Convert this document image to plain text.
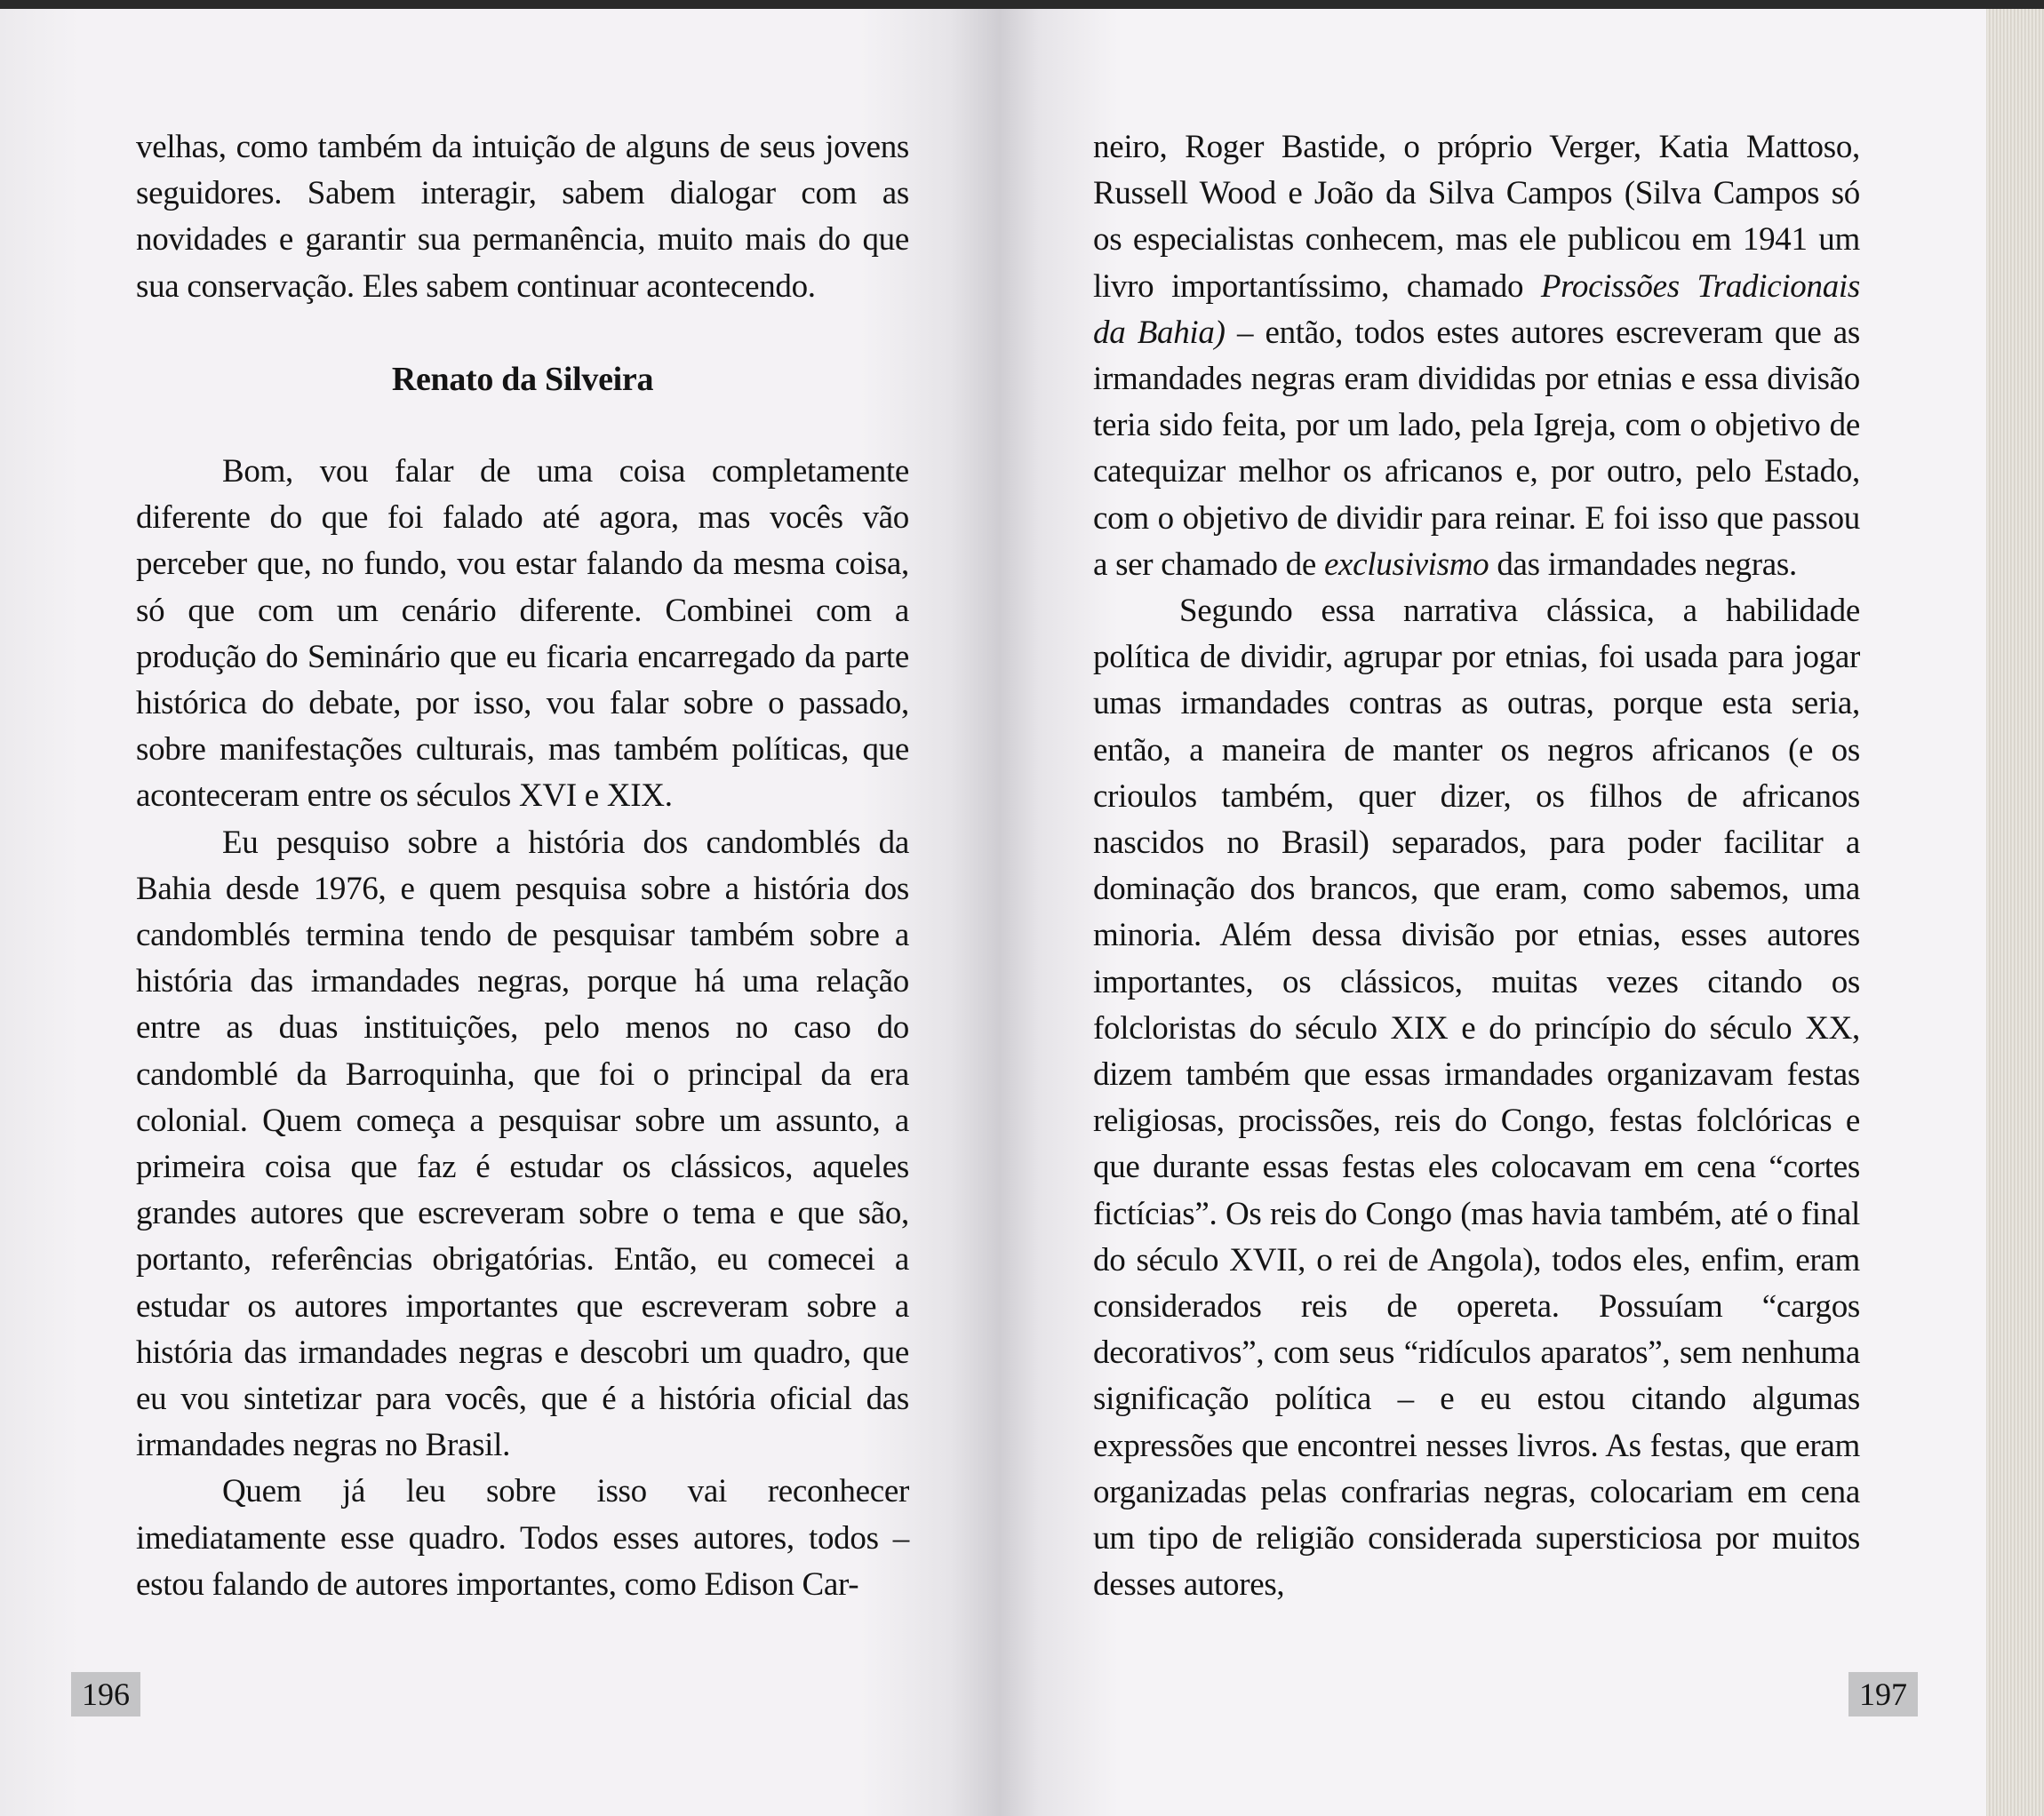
velhas, como também da intuição de alguns de seus jovens seguidores. Sabem interagir, sabem dialogar com as novidades e garantir sua permanência, muito mais do que sua conservação. Eles sabem continuar acontecendo.

Renato da Silveira

Bom, vou falar de uma coisa completamente diferente do que foi falado até agora, mas vocês vão perceber que, no fundo, vou estar falando da mesma coisa, só que com um cenário diferente. Combinei com a produção do Seminário que eu ficaria encarregado da parte histórica do debate, por isso, vou falar sobre o passado, sobre manifestações culturais, mas também políticas, que aconteceram entre os séculos XVI e XIX.

Eu pesquiso sobre a história dos candomblés da Bahia desde 1976, e quem pesquisa sobre a história dos candomblés termina tendo de pesquisar também sobre a história das irmandades negras, porque há uma relação entre as duas instituições, pelo menos no caso do candomblé da Barroquinha, que foi o principal da era colonial. Quem começa a pesquisar sobre um assunto, a primeira coisa que faz é estudar os clássicos, aqueles grandes autores que escreveram sobre o tema e que são, portanto, referências obrigatórias. Então, eu comecei a estudar os autores importantes que escreveram sobre a história das irmandades negras e descobri um quadro, que eu vou sintetizar para vocês, que é a história oficial das irmandades negras no Brasil.

Quem já leu sobre isso vai reconhecer imediatamente esse quadro. Todos esses autores, todos – estou falando de autores importantes, como Edison Car-

196

neiro, Roger Bastide, o próprio Verger, Katia Mattoso, Russell Wood e João da Silva Campos (Silva Campos só os especialistas conhecem, mas ele publicou em 1941 um livro importantíssimo, chamado Procissões Tradicionais da Bahia) – então, todos estes autores escreveram que as irmandades negras eram divididas por etnias e essa divisão teria sido feita, por um lado, pela Igreja, com o objetivo de catequizar melhor os africanos e, por outro, pelo Estado, com o objetivo de dividir para reinar. E foi isso que passou a ser chamado de exclusivismo das irmandades negras.

Segundo essa narrativa clássica, a habilidade política de dividir, agrupar por etnias, foi usada para jogar umas irmandades contras as outras, porque esta seria, então, a maneira de manter os negros africanos (e os crioulos também, quer dizer, os filhos de africanos nascidos no Brasil) separados, para poder facilitar a dominação dos brancos, que eram, como sabemos, uma minoria. Além dessa divisão por etnias, esses autores importantes, os clássicos, muitas vezes citando os folcloristas do século XIX e do princípio do século XX, dizem também que essas irmandades organizavam festas religiosas, procissões, reis do Congo, festas folclóricas e que durante essas festas eles colocavam em cena “cortes fictícias”. Os reis do Congo (mas havia também, até o final do século XVII, o rei de Angola), todos eles, enfim, eram considerados reis de opereta. Possuíam “cargos decorativos”, com seus “ridículos aparatos”, sem nenhuma significação política – e eu estou citando algumas expressões que encontrei nesses livros. As festas, que eram organizadas pelas confrarias negras, colocariam em cena um tipo de religião considerada supersticiosa por muitos desses autores,

197
